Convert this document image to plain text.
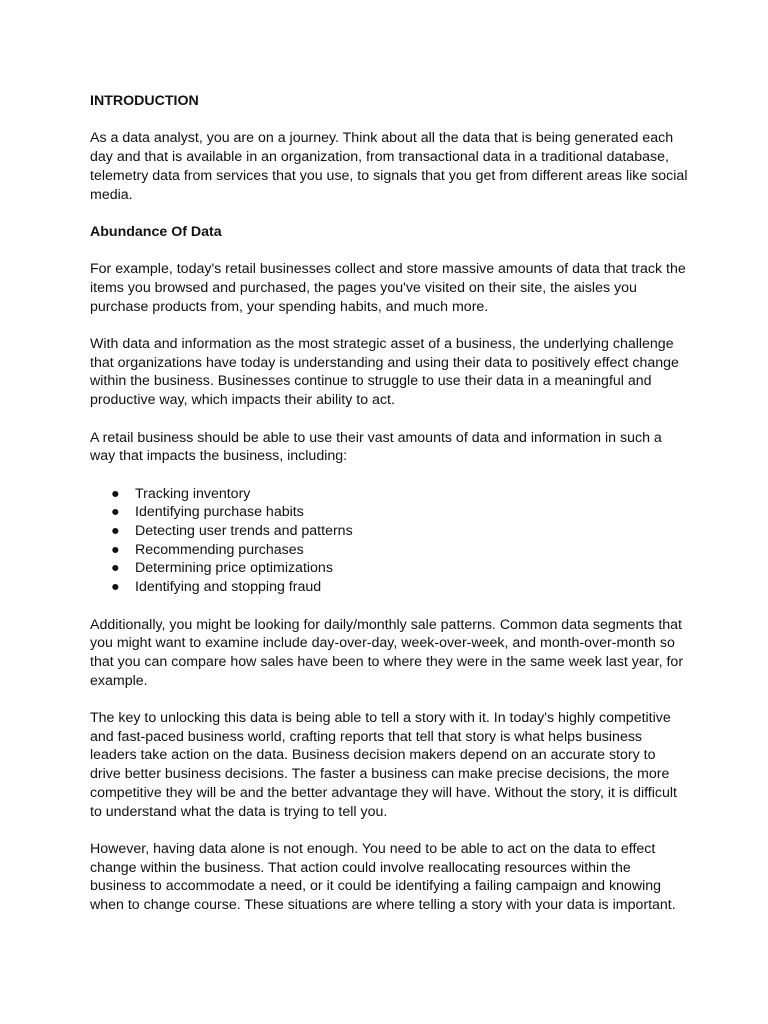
INTRODUCTION

As a data analyst, you are on a journey. Think about all the data that is being generated each day and that is available in an organization, from transactional data in a traditional database, telemetry data from services that you use, to signals that you get from different areas like social media.

Abundance Of Data

For example, today's retail businesses collect and store massive amounts of data that track the items you browsed and purchased, the pages you've visited on their site, the aisles you purchase products from, your spending habits, and much more.

With data and information as the most strategic asset of a business, the underlying challenge that organizations have today is understanding and using their data to positively effect change within the business. Businesses continue to struggle to use their data in a meaningful and productive way, which impacts their ability to act.

A retail business should be able to use their vast amounts of data and information in such a way that impacts the business, including:

● Tracking inventory
● Identifying purchase habits
● Detecting user trends and patterns
● Recommending purchases
● Determining price optimizations
● Identifying and stopping fraud

Additionally, you might be looking for daily/monthly sale patterns. Common data segments that you might want to examine include day-over-day, week-over-week, and month-over-month so that you can compare how sales have been to where they were in the same week last year, for example.

The key to unlocking this data is being able to tell a story with it. In today's highly competitive and fast-paced business world, crafting reports that tell that story is what helps business leaders take action on the data. Business decision makers depend on an accurate story to drive better business decisions. The faster a business can make precise decisions, the more competitive they will be and the better advantage they will have. Without the story, it is difficult to understand what the data is trying to tell you.

However, having data alone is not enough. You need to be able to act on the data to effect change within the business. That action could involve reallocating resources within the business to accommodate a need, or it could be identifying a failing campaign and knowing when to change course. These situations are where telling a story with your data is important.
